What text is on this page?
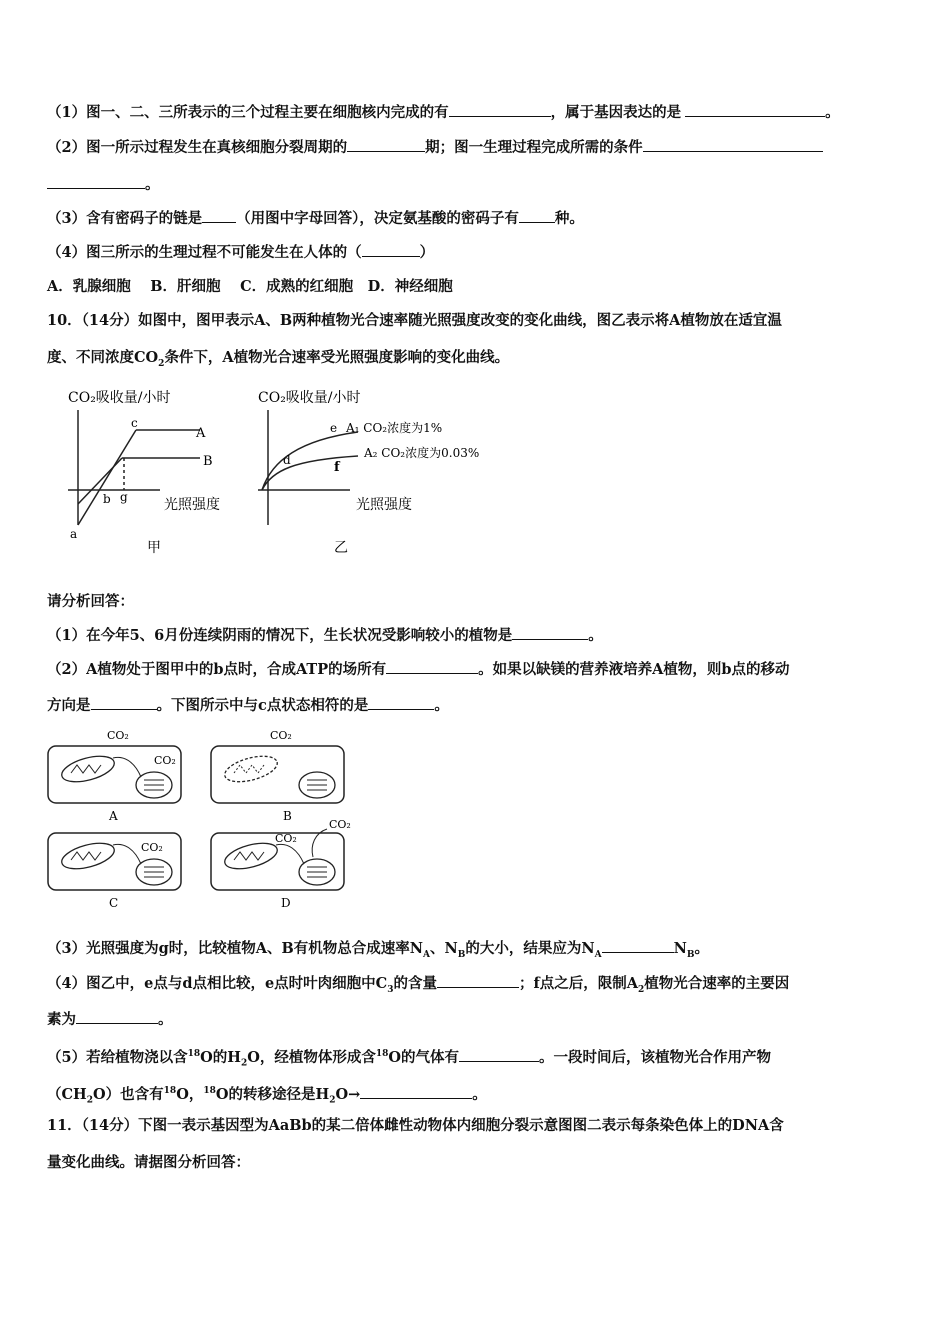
（1）图一、二、三所表示的三个过程主要在细胞核内完成的有	，属于基因表达的是	。
（2）图一所示过程发生在真核细胞分裂周期的	期；图一生理过程完成所需的条件
。
（3）含有密码子的链是 （用图中字母回答），决定氨基酸的密码子有 种。
（4）图三所示的生理过程不可能发生在人体的（	）
A．乳腺细胞　 B．肝细胞　 C．成熟的红细胞　D．神经细胞
10．（14分）如图中，图甲表示A、B两种植物光合速率随光照强度改变的变化曲线，图乙表示将A植物放在适宜温
度、不同浓度$CO_2$条件下，A植物光合速率受光照强度影响的变化曲线。
CO₂吸收量/小时
光照强度
a
b
c
g
A
B
甲
CO₂吸收量/小时
光照强度
d
e
f
A₁ CO₂浓度为1%
A₂ CO₂浓度为0.03%
乙
请分析回答：
（1）在今年5、6月份连续阴雨的情况下，生长状况受影响较小的植物是	。
（2）A植物处于图甲中的b点时，合成ATP的场所有	。如果以缺镁的营养液培养A植物，则b点的移动
方向是	。下图所示中与c点状态相符的是	。
CO₂
CO₂
A
CO₂
B
CO₂
C
CO₂
CO₂
D
（3）光照强度为g时，比较植物A、B有机物总合成速率$N_A$、$N_B$的大小，结果应为$N_A$	$N_B$。
（4）图乙中，e点与d点相比较，e点时叶肉细胞中$C_3$的含量	；f点之后，限制$A_2$植物光合速率的主要因
素为	。
（5）若给植物浇以含$^{18}$O的$H_2O$，经植物体形成含$^{18}$O的气体有	。一段时间后，该植物光合作用产物
$(CH_2O)$也含有$^{18}$O，$^{18}$O的转移途径是$H_2O\to$	。
11．（14分）下图一表示基因型为AaBb的某二倍体雌性动物体内细胞分裂示意图图二表示每条染色体上的DNA含
量变化曲线。请据图分析回答：
